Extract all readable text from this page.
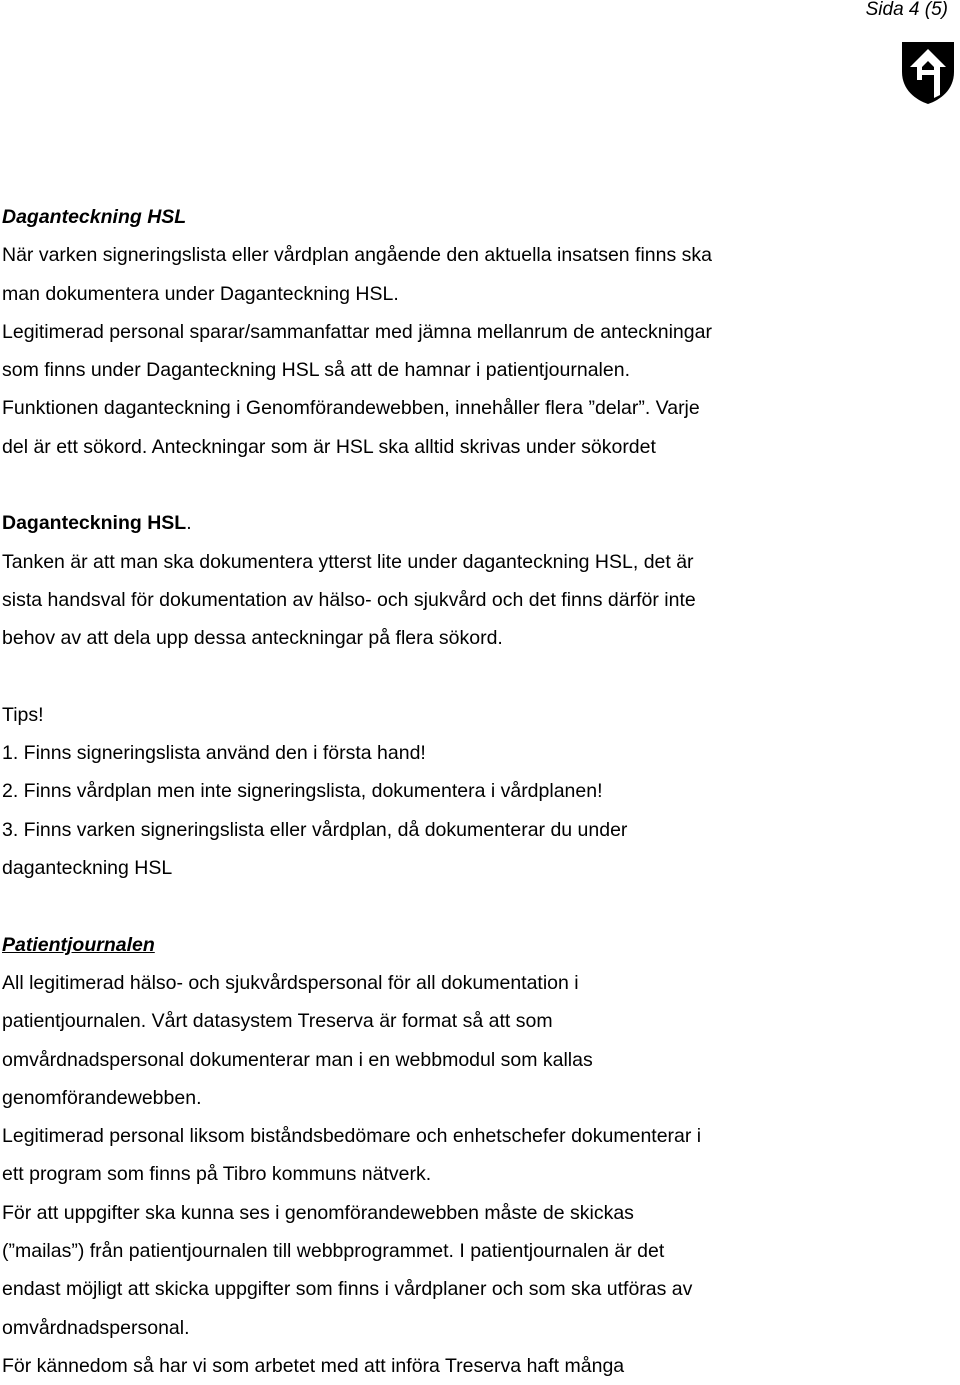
Sida 4 (5)
Daganteckning HSL
När varken signeringslista eller vårdplan angående den aktuella insatsen finns ska
man dokumentera under Daganteckning HSL.
Legitimerad personal sparar/sammanfattar med jämna mellanrum de anteckningar
som finns under Daganteckning HSL så att de hamnar i patientjournalen.
Funktionen daganteckning i Genomförandewebben, innehåller flera ”delar”. Varje
del är ett sökord. Anteckningar som är HSL ska alltid skrivas under sökordet
Daganteckning HSL.
Tanken är att man ska dokumentera ytterst lite under daganteckning HSL, det är
sista handsval för dokumentation av hälso- och sjukvård och det finns därför inte
behov av att dela upp dessa anteckningar på flera sökord.
Tips!
1. Finns signeringslista använd den i första hand!
2. Finns vårdplan men inte signeringslista, dokumentera i vårdplanen!
3. Finns varken signeringslista eller vårdplan, då dokumenterar du under
daganteckning HSL
Patientjournalen
All legitimerad hälso- och sjukvårdspersonal för all dokumentation i
patientjournalen. Vårt datasystem Treserva är format så att som
omvårdnadspersonal dokumenterar man i en webbmodul som kallas
genomförandewebben.
Legitimerad personal liksom biståndsbedömare och enhetschefer dokumenterar i
ett program som finns på Tibro kommuns nätverk.
För att uppgifter ska kunna ses i genomförandewebben måste de skickas
(”mailas”) från patientjournalen till webbprogrammet. I patientjournalen är det
endast möjligt att skicka uppgifter som finns i vårdplaner och som ska utföras av
omvårdnadspersonal.
För kännedom så har vi som arbetet med att införa Treserva haft många
